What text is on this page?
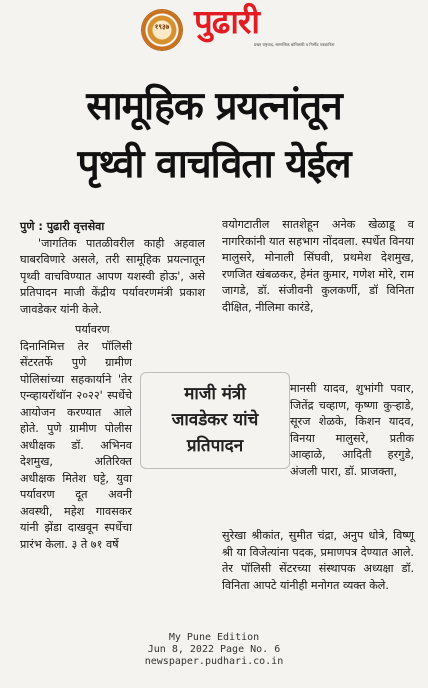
१९३७ पुढारी
प्रखर राष्ट्रवाद, सामाजिक बांधिलकी व निर्भीड पत्रकारिता
सामूहिक प्रयत्नांतून
पृथ्वी वाचविता येईल

पुणे : पुढारी वृत्तसेवा

'जागतिक पातळीवरील काही अहवाल घाबरविणारे असले, तरी सामूहिक प्रयत्नातून पृथ्वी वाचविण्यात आपण यशस्वी होऊ', असे प्रतिपादन माजी केंद्रीय पर्यावरणमंत्री प्रकाश जावडेकर यांनी केले.

पर्यावरण

दिनानिमित्त तेर पॉलिसी सेंटरतर्फे पुणे ग्रामीण पोलिसांच्या सहकार्याने 'तेर एन्व्हायरॉथॉन २०२२' स्पर्धेचे आयोजन करण्यात आले होते. पुणे ग्रामीण पोलीस अधीक्षक डॉ. अभिनव देशमुख, अतिरिक्त अधीक्षक मितेश घट्टे, युवा पर्यावरण दूत अवनी अवस्थी, महेश गावसकर यांनी झेंडा दाखवून स्पर्धेचा प्रारंभ केला. ३ ते ७१ वर्षे

वयोगटातील सातशेहून अनेक खेळाडू व नागरिकांनी यात सहभाग नोंदवला. स्पर्धेत विनया मालुसरे, मोनाली सिंघवी, प्रथमेश देशमुख, रणजित खंबळकर, हेमंत कुमार, गणेश मोरे, राम जागडे, डॉ. संजीवनी कुलकर्णी, डॉ विनिता दीक्षित, नीलिमा कारंडे,

मानसी यादव, शुभांगी पवार, जितेंद्र चव्हाण, कृष्णा कुऱ्हाडे, सूरज शेळके, किशन यादव, विनया मालुसरे, प्रतीक आव्हाळे, आदिती हरगुडे, अंजली पारा, डॉ. प्राजक्ता,
सुरेखा श्रीकांत, सुमीत चंद्रा, अनुप धोत्रे, विष्णू श्री या विजेत्यांना पदक, प्रमाणपत्र देण्यात आले. तेर पॉलिसी सेंटरच्या संस्थापक अध्यक्षा डॉ. विनिता आपटे यांनीही मनोगत व्यक्त केले.
माजी मंत्री
जावडेकर यांचे
प्रतिपादन
My Pune Edition
Jun 8, 2022 Page No. 6
newspaper.pudhari.co.in
